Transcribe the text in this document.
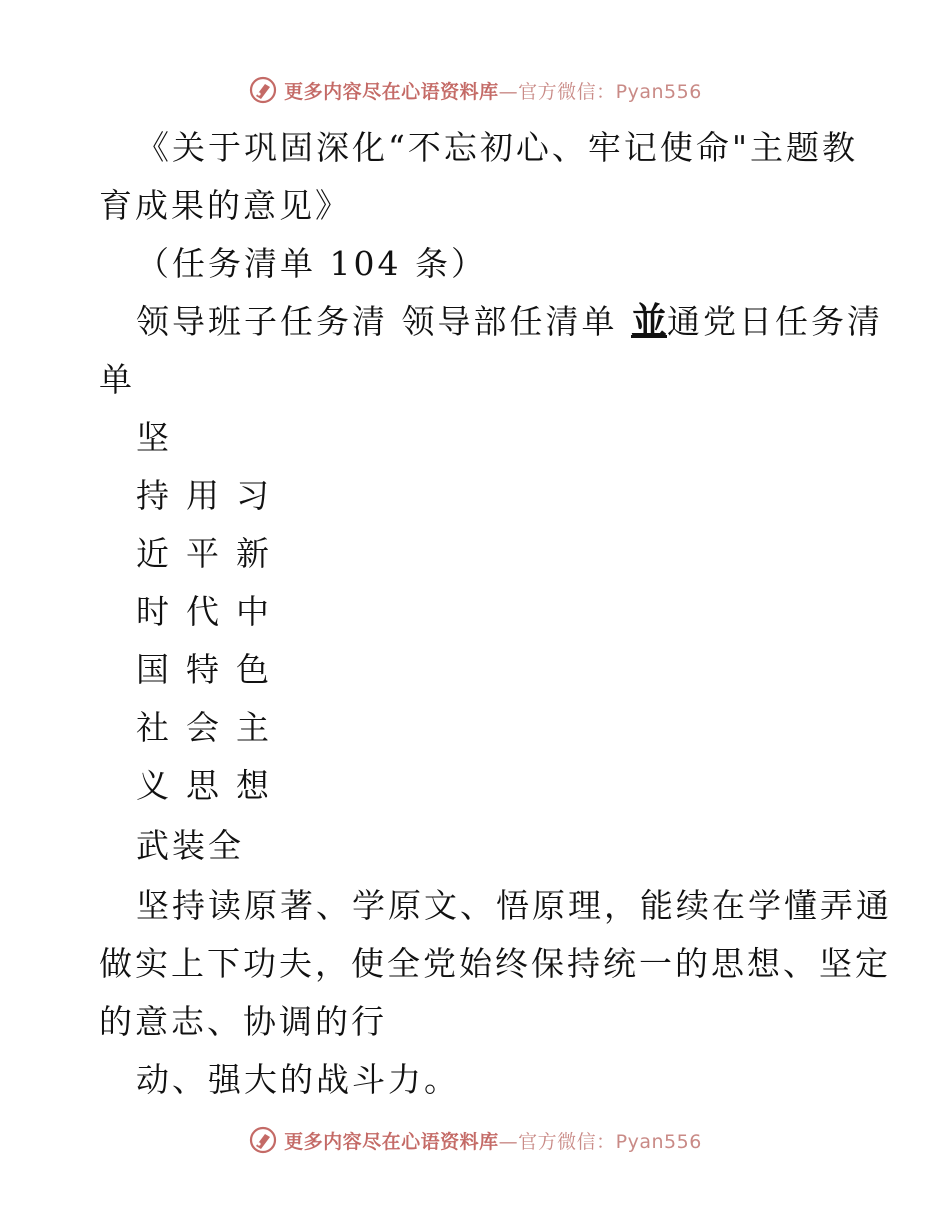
更多内容尽在心语资料库—官方微信：Pyan556
《关于巩固深化“不忘初心、牢记使命"主题教
育成果的意见》
（任务清单 104 条）
领导班子任务清 领导部任清单 並通党日任务清
单
坚
持用习
近平新
时代中
国特色
社会主
义思想
武装全
坚持读原著、学原文、悟原理，能续在学懂弄通
做实上下功夫，使全党始终保持统一的思想、坚定
的意志、协调的行
动、强大的战斗力。
更多内容尽在心语资料库—官方微信：Pyan556
